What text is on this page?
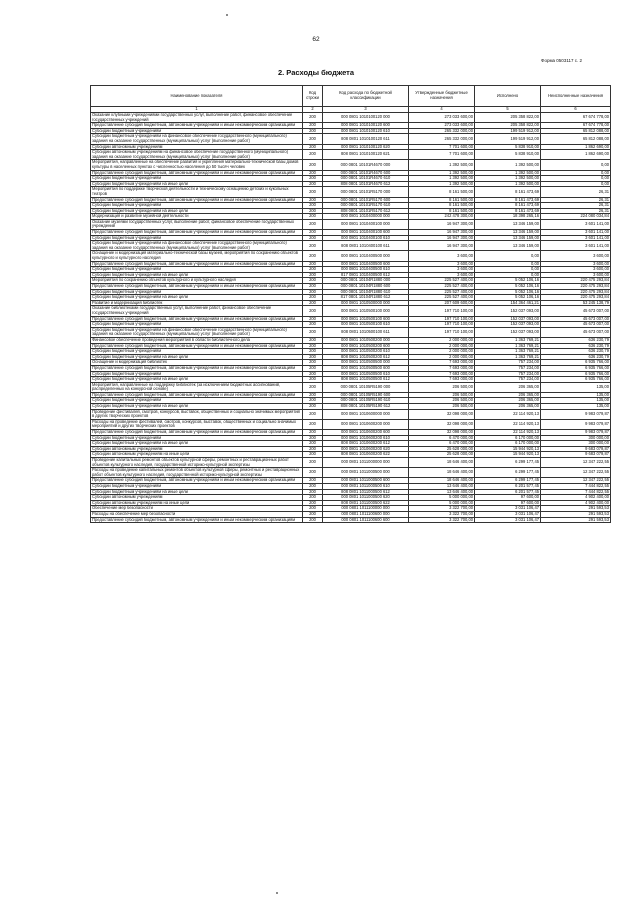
62
Форма 0503117 с. 2
2. Расходы бюджета
Наименование показателя	Код строки	Код расхода по бюджетной классификации	Утвержденные бюджетные назначения	Исполнено	Неисполненные назначения
1	2	3	4	5	6
Оказание клубными учреждениями государственных услуг, выполнение работ, финансовое обеспечение государственных учреждений	200	000 0801 1010100120 000	273 033 600,00	205 358 822,00	67 674 778,00
Предоставление субсидий бюджетным, автономным учреждениям и иным некоммерческим организациям	200	000 0801 1010100120 600	273 033 600,00	205 358 822,00	67 674 778,00
Субсидии бюджетным учреждениям	200	000 0801 1010100120 610	265 332 000,00	199 519 912,00	65 812 088,00
Субсидии бюджетным учреждениям на финансовое обеспечение государственного (муниципального) задания на оказание государственных (муниципальных) услуг (выполнение работ)	200	808 0801 1010100120 611	265 332 000,00	199 519 912,00	65 812 088,00
Субсидии автономным учреждениям	200	000 0801 1010100120 620	7 701 600,00	5 838 910,00	1 862 690,00
Субсидии автономным учреждениям на финансовое обеспечение государственного (муниципального) задания на оказание государственных (муниципальных) услуг (выполнение работ)	200	808 0801 1010100120 621	7 701 600,00	5 838 910,00	1 862 690,00
Мероприятия, направленные на обеспечение развития и укрепления материально-технической базы домов культуры в населенных пунктах с численностью населения до 50 тысяч человек	200	000 0801 10101R4670 000	1 392 500,00	1 392 500,00	0,00
Предоставление субсидий бюджетным, автономным учреждениям и иным некоммерческим организациям	200	000 0801 10101R4670 600	1 392 500,00	1 392 500,00	0,00
Субсидии бюджетным учреждениям	200	000 0801 10101R4670 610	1 392 500,00	1 392 500,00	0,00
Субсидии бюджетным учреждениям на иные цели	200	808 0801 10101R4670 612	1 392 500,00	1 392 500,00	0,00
Мероприятия по поддержке творческой деятельности и техническому оснащению детских и кукольных театров	200	000 0801 10101R5170 000	8 161 500,00	8 161 473,69	26,31
Предоставление субсидий бюджетным, автономным учреждениям и иным некоммерческим организациям	200	000 0801 10101R5170 600	8 161 500,00	8 161 473,69	26,31
Субсидии бюджетным учреждениям	200	000 0801 10101R5170 610	8 161 500,00	8 161 473,69	26,31
Субсидии бюджетным учреждениям на иные цели	200	808 0801 10101R5170 612	8 161 500,00	8 161 473,69	26,31
Модернизация и развитие музейной деятельности	200	000 0801 1010400000 000	242 478 300,00	18 398 265,16	224 080 034,84
Оказание музеями государственных услуг, выполнение работ, финансовое обеспечение государственных учреждений	200	000 0801 1010400100 000	16 947 300,00	13 346 159,00	3 601 141,00
Предоставление субсидий бюджетным, автономным учреждениям и иным некоммерческим организациям	200	000 0801 1010400100 600	16 947 300,00	13 346 159,00	3 601 141,00
Субсидии бюджетным учреждениям	200	000 0801 1010400100 610	16 947 300,00	13 346 159,00	3 601 141,00
Субсидии бюджетным учреждениям на финансовое обеспечение государственного (муниципального) задания на оказание государственных (муниципальных) услуг (выполнение работ)	200	808 0801 1010400100 611	16 947 300,00	13 346 159,00	3 601 141,00
Оснащение и модернизация материально-технической базы музеев, мероприятия по сохранению объектов культурного и культурного наследия	200	000 0801 1010400500 000	3 600,00	0,00	3 600,00
Предоставление субсидий бюджетным, автономным учреждениям и иным некоммерческим организациям	200	000 0801 1010400500 600	3 600,00	0,00	3 600,00
Субсидии бюджетным учреждениям	200	000 0801 1010400500 610	3 600,00	0,00	3 600,00
Субсидии бюджетным учреждениям на иные цели	200	817 0801 1010400500 612	3 600,00	0,00	3 600,00
Мероприятия по сохранению объектов культурного и культурного наследия	200	000 0801 10104R1880 000	225 527 400,00	5 052 106,16	220 475 293,84
Предоставление субсидий бюджетным, автономным учреждениям и иным некоммерческим организациям	200	000 0801 10104R1880 600	225 527 400,00	5 052 106,16	220 475 293,84
Субсидии бюджетным учреждениям	200	000 0801 10104R1880 610	225 527 400,00	5 052 106,16	220 475 293,84
Субсидии бюджетным учреждениям на иные цели	200	817 0801 10104R1880 612	225 527 400,00	5 052 106,16	220 475 293,84
Развитие и модернизация библиотек	200	000 0801 1010500000 000	207 609 600,00	154 364 461,21	53 245 138,79
Оказание библиотеками государственных услуг, выполнение работ, финансовое обеспечение государственных учреждений	200	000 0801 1010500100 000	197 710 100,00	152 037 093,00	45 673 007,00
Предоставление субсидий бюджетным, автономным учреждениям и иным некоммерческим организациям	200	000 0801 1010500100 600	197 710 100,00	152 037 093,00	45 673 007,00
Субсидии бюджетным учреждениям	200	000 0801 1010500100 610	197 710 100,00	152 037 093,00	45 673 007,00
Субсидии бюджетным учреждениям на финансовое обеспечение государственного (муниципального) задания на оказание государственных (муниципальных) услуг (выполнение работ)	200	808 0801 1010500100 611	197 710 100,00	152 037 093,00	45 673 007,00
Финансовое обеспечение проведения мероприятий в области библиотечного дела	200	000 0801 1010500200 000	2 000 000,00	1 363 769,21	636 230,79
Предоставление субсидий бюджетным, автономным учреждениям и иным некоммерческим организациям	200	000 0801 1010500200 600	2 000 000,00	1 363 769,21	636 230,79
Субсидии бюджетным учреждениям	200	000 0801 1010500200 610	2 000 000,00	1 363 769,21	636 230,79
Субсидии бюджетным учреждениям на иные цели	200	808 0801 1010500200 612	2 000 000,00	1 363 769,21	636 230,79
Оснащение и модернизация библиотек	200	000 0801 1010500500 000	7 693 000,00	757 234,00	6 935 766,00
Предоставление субсидий бюджетным, автономным учреждениям и иным некоммерческим организациям	200	000 0801 1010500500 600	7 693 000,00	757 234,00	6 935 766,00
Субсидии бюджетным учреждениям	200	000 0801 1010500500 610	7 693 000,00	757 234,00	6 935 766,00
Субсидии бюджетным учреждениям на иные цели	200	808 0801 1010500500 612	7 693 000,00	757 234,00	6 935 766,00
Мероприятия, направленные на поддержку библиотек (за исключением бюджетных ассигнований, распределенных на конкурсной основе)	200	000 0801 10105R5190 000	206 500,00	206 365,00	135,00
Предоставление субсидий бюджетным, автономным учреждениям и иным некоммерческим организациям	200	000 0801 10105R5190 600	206 500,00	206 365,00	135,00
Субсидии бюджетным учреждениям	200	000 0801 10105R5190 610	206 500,00	206 365,00	135,00
Субсидии бюджетным учреждениям на иные цели	200	808 0801 10105R5190 612	206 500,00	206 365,00	135,00
Проведение фестивалей, смотров, конкурсов, выставок, общественных и социально значимых мероприятий в других творческих проектов	200	000 0801 1010600000 000	32 098 000,00	22 114 920,13	9 983 079,87
Расходы на проведение фестивалей, смотров, конкурсов, выставок, общественных и социально значимых мероприятий и других творческих проектов	200	000 0801 1010600200 000	32 098 000,00	22 114 920,13	9 983 079,87
Предоставление субсидий бюджетным, автономным учреждениям и иным некоммерческим организациям	200	000 0801 1010600200 600	32 098 000,00	22 114 920,13	9 983 079,87
Субсидии бюджетным учреждениям	200	000 0801 1010600200 610	6 470 000,00	6 170 000,00	300 000,00
Субсидии бюджетным учреждениям на иные цели	200	808 0801 1010600200 612	6 470 000,00	6 170 000,00	300 000,00
Субсидии автономным учреждениям	200	000 0801 1010600200 620	25 628 000,00	15 944 920,13	9 683 079,87
Субсидии автономным учреждениям на иные цели	200	808 0801 1010600200 622	25 628 000,00	15 944 920,13	9 683 079,87
Проведение капитальных ремонтов объектов культурной сферы, ремонтных и реставрационных работ объектов культурного наследия, государственной историко-культурной экспертизы	200	000 0801 1011000000 000	18 646 400,00	6 299 177,45	12 347 222,55
Расходы на проведение капитальных ремонтов объектов культурной сферы, ремонтных и реставрационных работ объектов культурного наследия, государственной историко-культурной экспертизы	200	000 0801 1011000500 000	18 646 400,00	6 299 177,45	12 347 222,55
Предоставление субсидий бюджетным, автономным учреждениям и иным некоммерческим организациям	200	000 0801 1011000500 600	18 646 400,00	6 299 177,45	12 347 222,55
Субсидии бюджетным учреждениям	200	000 0801 1011000500 610	13 646 400,00	6 201 577,45	7 444 822,55
Субсидии бюджетным учреждениям на иные цели	200	808 0801 1011000500 612	13 646 400,00	6 201 577,45	7 444 822,55
Субсидии автономным учреждениям	200	000 0801 1011000500 620	5 000 000,00	97 600,00	4 902 400,00
Субсидии автономным учреждениям на иные цели	200	808 0801 1011000500 622	5 000 000,00	97 600,00	4 902 400,00
Обеспечение мер безопасности	200	000 0801 1011100000 000	3 322 700,00	3 031 106,47	291 593,53
Расходы на обеспечение мер безопасности	200	000 0801 1011100600 000	3 322 700,00	3 031 106,47	291 593,53
Предоставление субсидий бюджетным, автономным учреждениям и иным некоммерческим организациям	200	000 0801 1011100600 600	3 322 700,00	3 031 106,47	291 593,53
